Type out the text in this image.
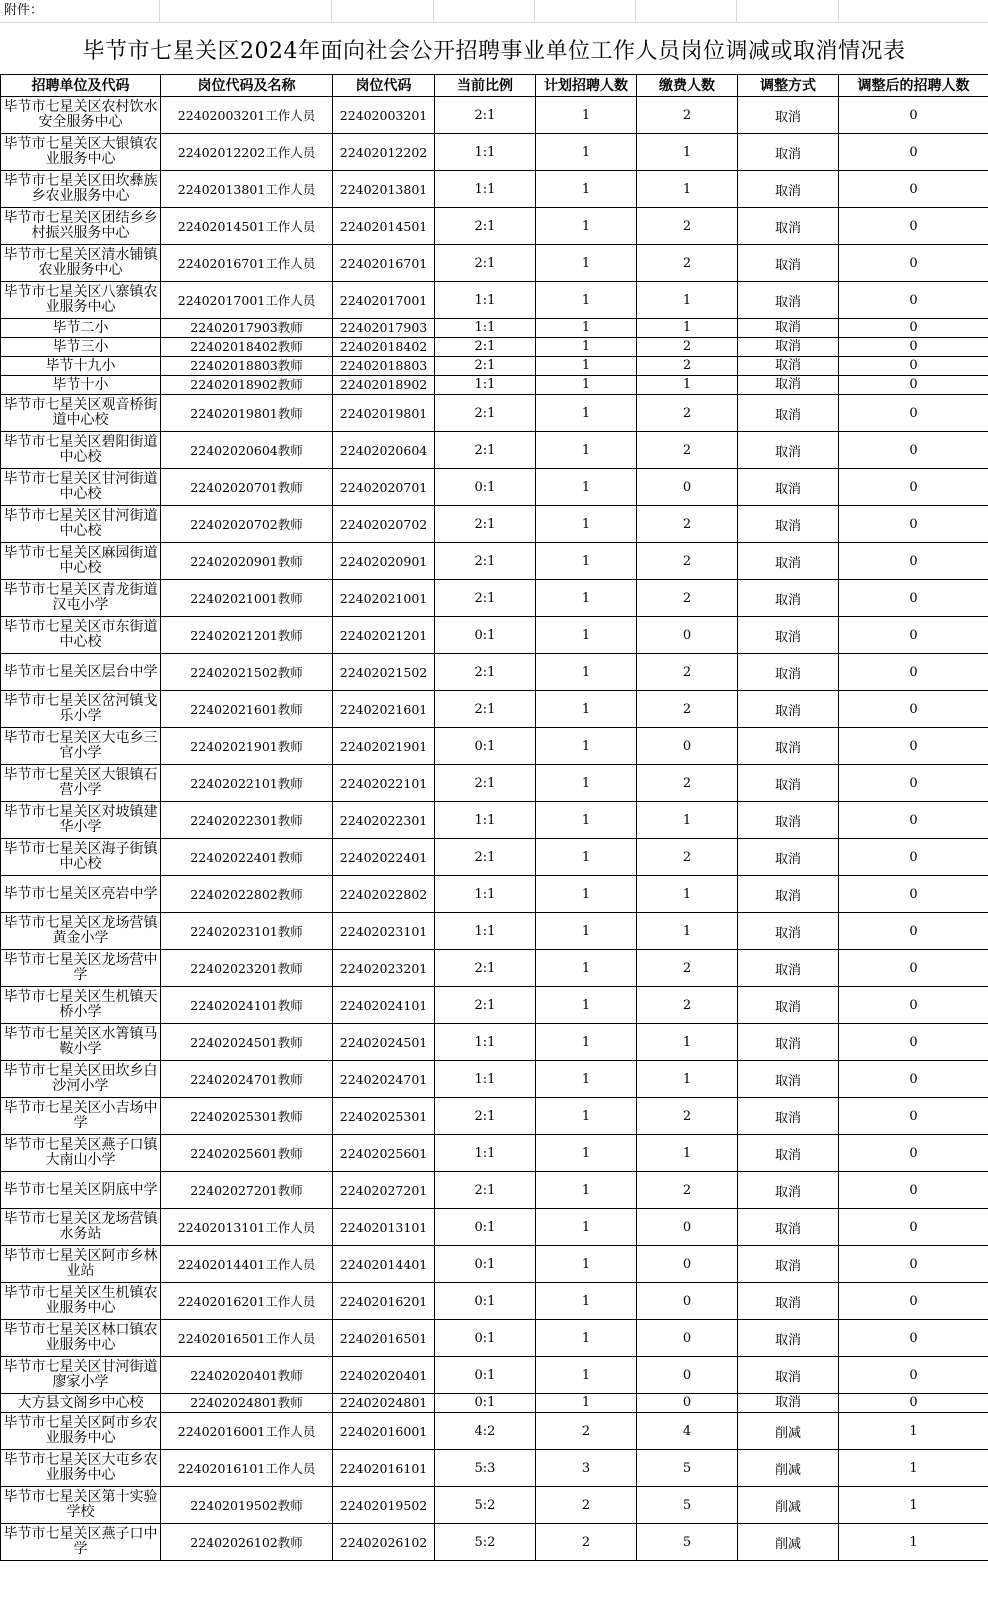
附件：
毕节市七星关区2024年面向社会公开招聘事业单位工作人员岗位调减或取消情况表
招聘单位及代码	岗位代码及名称	岗位代码	当前比例	计划招聘人数	缴费人数	调整方式	调整后的招聘人数
毕节市七星关区农村饮水安全服务中心	22402003201工作人员	22402003201	2:1	1	2	取消	0
毕节市七星关区大银镇农业服务中心	22402012202工作人员	22402012202	1:1	1	1	取消	0
毕节市七星关区田坎彝族乡农业服务中心	22402013801工作人员	22402013801	1:1	1	1	取消	0
毕节市七星关区团结乡乡村振兴服务中心	22402014501工作人员	22402014501	2:1	1	2	取消	0
毕节市七星关区清水铺镇农业服务中心	22402016701工作人员	22402016701	2:1	1	2	取消	0
毕节市七星关区八寨镇农业服务中心	22402017001工作人员	22402017001	1:1	1	1	取消	0
毕节二小	22402017903教师	22402017903	1:1	1	1	取消	0
毕节三小	22402018402教师	22402018402	2:1	1	2	取消	0
毕节十九小	22402018803教师	22402018803	2:1	1	2	取消	0
毕节十小	22402018902教师	22402018902	1:1	1	1	取消	0
毕节市七星关区观音桥街道中心校	22402019801教师	22402019801	2:1	1	2	取消	0
毕节市七星关区碧阳街道中心校	22402020604教师	22402020604	2:1	1	2	取消	0
毕节市七星关区甘河街道中心校	22402020701教师	22402020701	0:1	1	0	取消	0
毕节市七星关区甘河街道中心校	22402020702教师	22402020702	2:1	1	2	取消	0
毕节市七星关区麻园街道中心校	22402020901教师	22402020901	2:1	1	2	取消	0
毕节市七星关区青龙街道汉屯小学	22402021001教师	22402021001	2:1	1	2	取消	0
毕节市七星关区市东街道中心校	22402021201教师	22402021201	0:1	1	0	取消	0
毕节市七星关区层台中学	22402021502教师	22402021502	2:1	1	2	取消	0
毕节市七星关区岔河镇戈乐小学	22402021601教师	22402021601	2:1	1	2	取消	0
毕节市七星关区大屯乡三官小学	22402021901教师	22402021901	0:1	1	0	取消	0
毕节市七星关区大银镇石营小学	22402022101教师	22402022101	2:1	1	2	取消	0
毕节市七星关区对坡镇建华小学	22402022301教师	22402022301	1:1	1	1	取消	0
毕节市七星关区海子街镇中心校	22402022401教师	22402022401	2:1	1	2	取消	0
毕节市七星关区亮岩中学	22402022802教师	22402022802	1:1	1	1	取消	0
毕节市七星关区龙场营镇黄金小学	22402023101教师	22402023101	1:1	1	1	取消	0
毕节市七星关区龙场营中学	22402023201教师	22402023201	2:1	1	2	取消	0
毕节市七星关区生机镇天桥小学	22402024101教师	22402024101	2:1	1	2	取消	0
毕节市七星关区水箐镇马鞍小学	22402024501教师	22402024501	1:1	1	1	取消	0
毕节市七星关区田坎乡白沙河小学	22402024701教师	22402024701	1:1	1	1	取消	0
毕节市七星关区小吉场中学	22402025301教师	22402025301	2:1	1	2	取消	0
毕节市七星关区燕子口镇大南山小学	22402025601教师	22402025601	1:1	1	1	取消	0
毕节市七星关区阴底中学	22402027201教师	22402027201	2:1	1	2	取消	0
毕节市七星关区龙场营镇水务站	22402013101工作人员	22402013101	0:1	1	0	取消	0
毕节市七星关区阿市乡林业站	22402014401工作人员	22402014401	0:1	1	0	取消	0
毕节市七星关区生机镇农业服务中心	22402016201工作人员	22402016201	0:1	1	0	取消	0
毕节市七星关区林口镇农业服务中心	22402016501工作人员	22402016501	0:1	1	0	取消	0
毕节市七星关区甘河街道廖家小学	22402020401教师	22402020401	0:1	1	0	取消	0
大方县文阁乡中心校	22402024801教师	22402024801	0:1	1	0	取消	0
毕节市七星关区阿市乡农业服务中心	22402016001工作人员	22402016001	4:2	2	4	削减	1
毕节市七星关区大屯乡农业服务中心	22402016101工作人员	22402016101	5:3	3	5	削减	1
毕节市七星关区第十实验学校	22402019502教师	22402019502	5:2	2	5	削减	1
毕节市七星关区燕子口中学	22402026102教师	22402026102	5:2	2	5	削减	1
